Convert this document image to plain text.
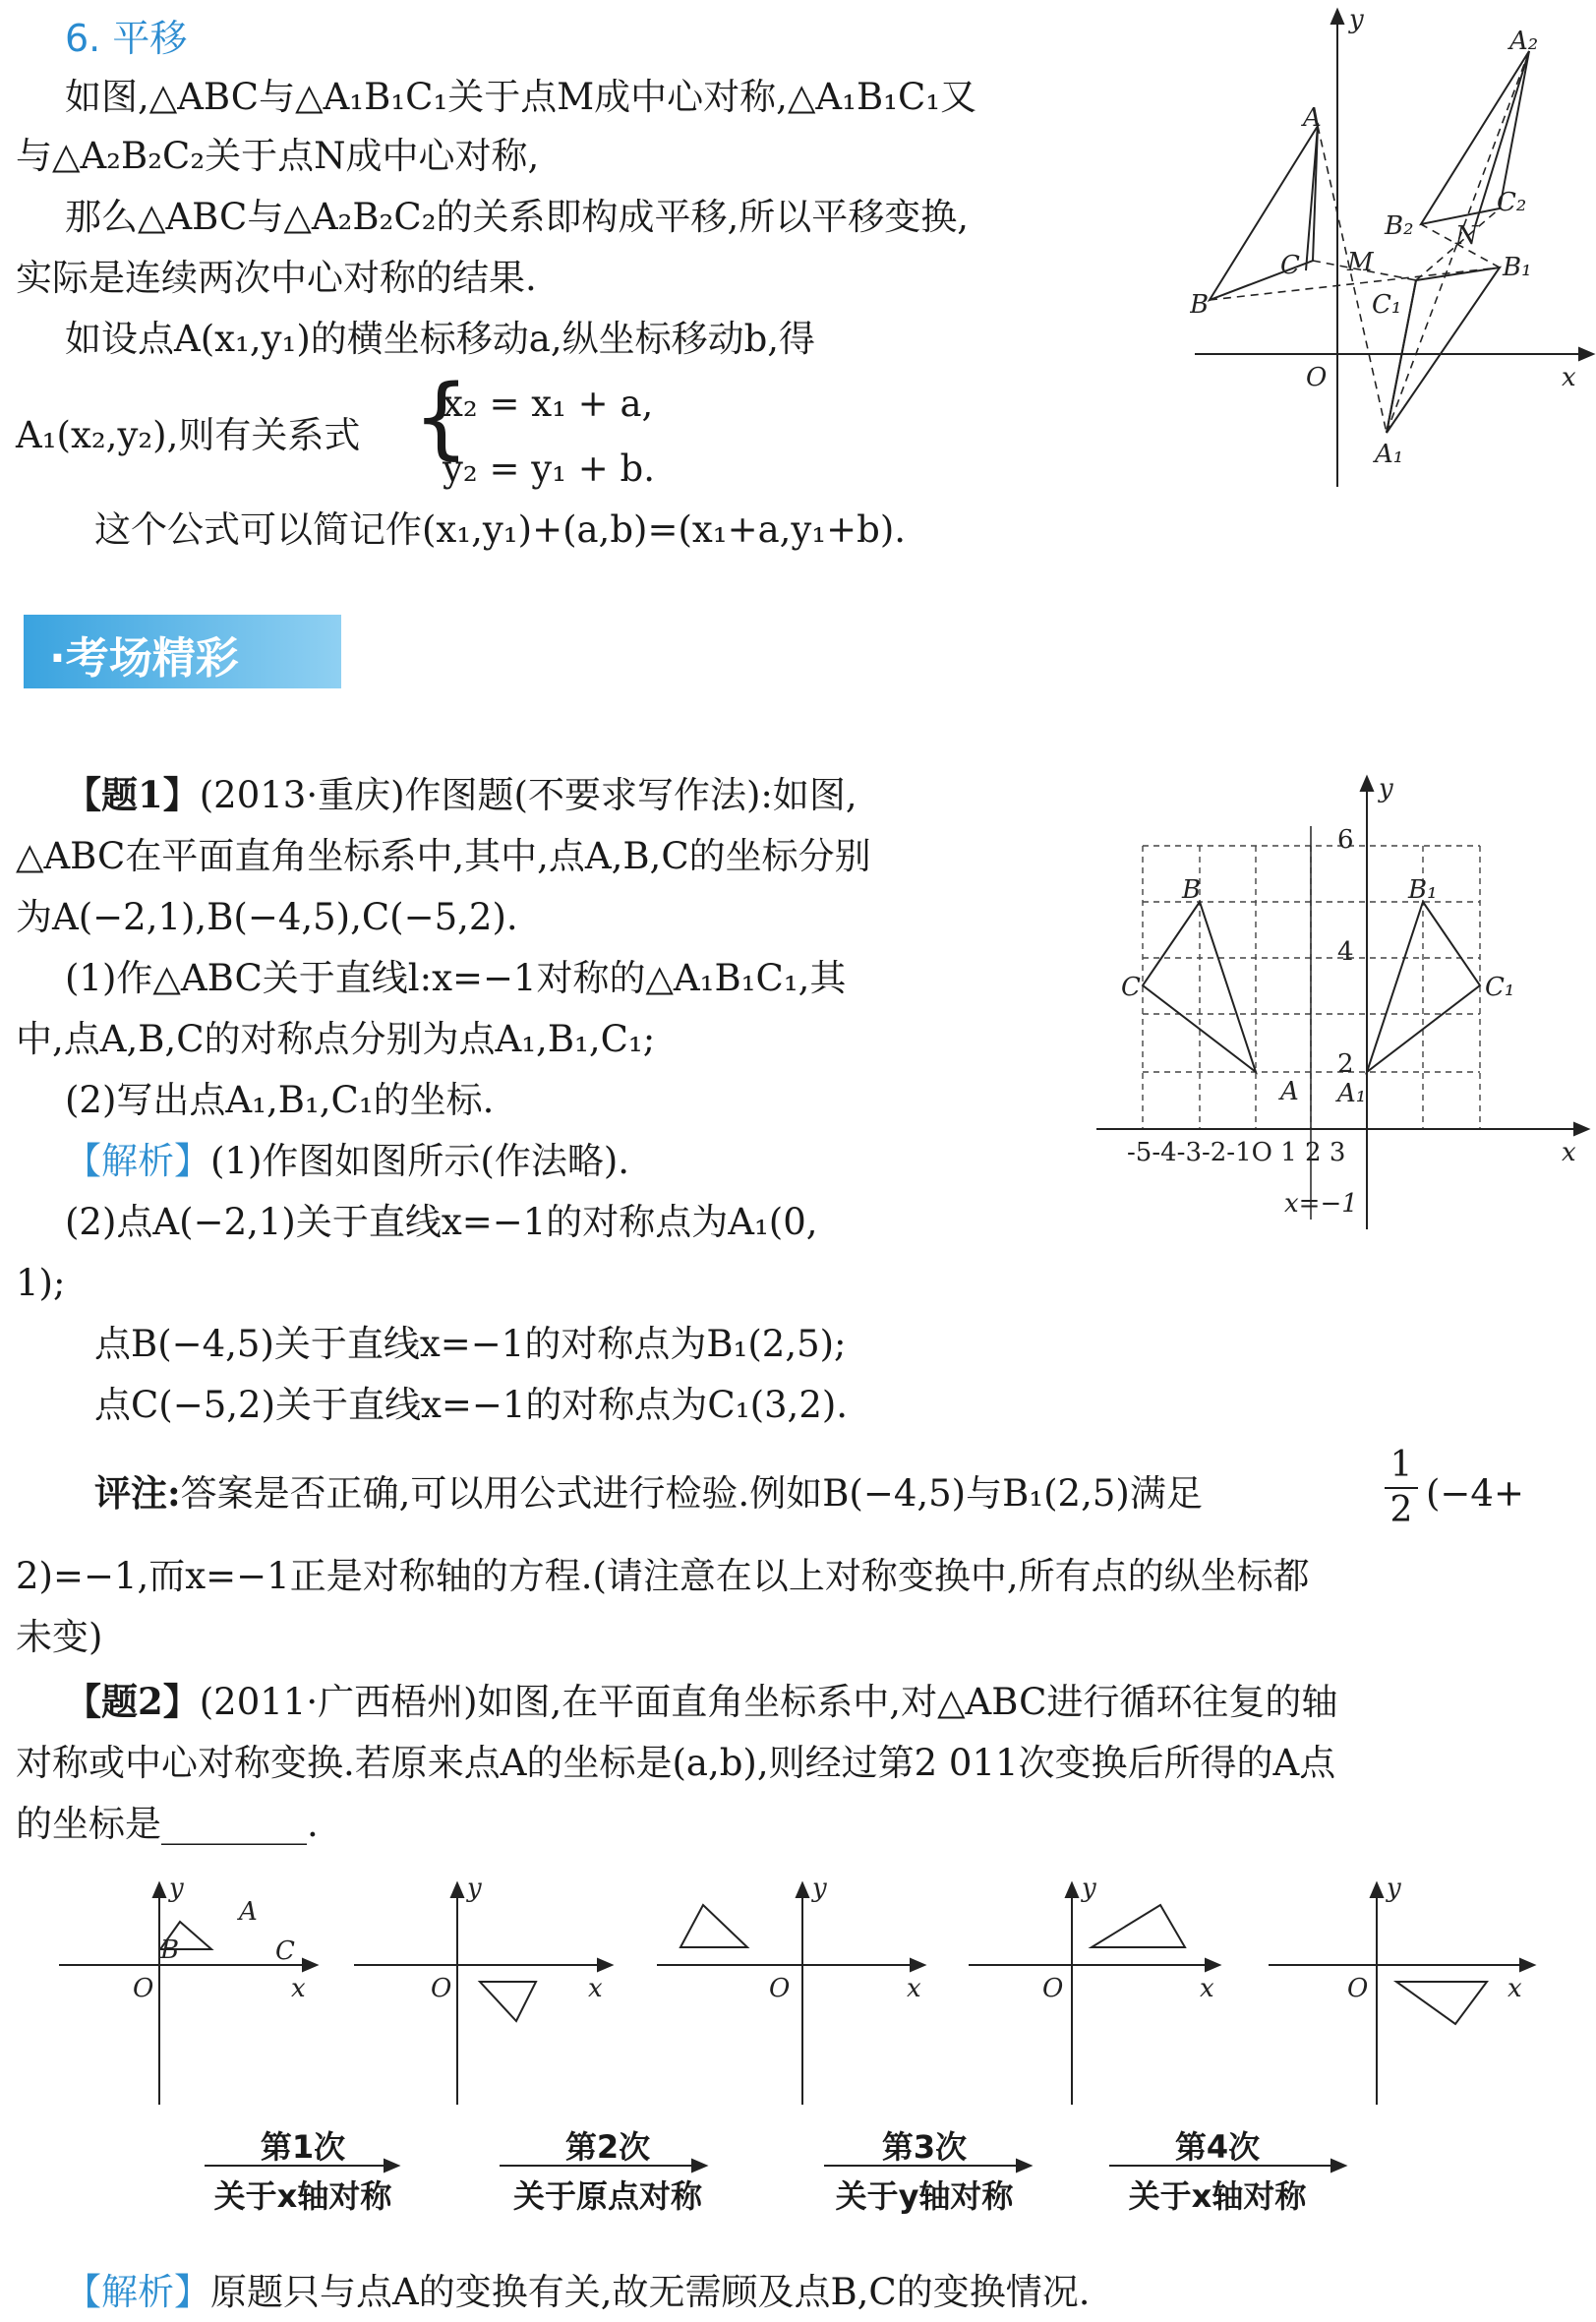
6. 平移
如图,△ABC与△A₁B₁C₁关于点M成中心对称,△A₁B₁C₁又
与△A₂B₂C₂关于点N成中心对称,
那么△ABC与△A₂B₂C₂的关系即构成平移,所以平移变换,
实际是连续两次中心对称的结果.
如设点A(x₁,y₁)的横坐标移动a,纵坐标移动b,得
A₁(x₂,y₂),则有关系式 {
x₂ = x₁ + a,
y₂ = y₁ + b.
这个公式可以简记作(x₁,y₁)+(a,b)=(x₁+a,y₁+b).
y
x
O
A
A₂
B₂
C₂
N
M
C
B
B₁
C₁
A₁
·考场精彩
【题1】(2013·重庆)作图题(不要求写作法):如图,
△ABC在平面直角坐标系中,其中,点A,B,C的坐标分别
为A(−2,1),B(−4,5),C(−5,2).
(1)作△ABC关于直线l:x=−1对称的△A₁B₁C₁,其
中,点A,B,C的对称点分别为点A₁,B₁,C₁;
(2)写出点A₁,B₁,C₁的坐标.
【解析】(1)作图如图所示(作法略).
(2)点A(−2,1)关于直线x=−1的对称点为A₁(0,
1);
点B(−4,5)关于直线x=−1的对称点为B₁(2,5);
点C(−5,2)关于直线x=−1的对称点为C₁(3,2).
评注:答案是否正确,可以用公式进行检验.例如B(−4,5)与B₁(2,5)满足	$\frac{1}{2} (-4+$
2)=−1,而x=−1正是对称轴的方程.(请注意在以上对称变换中,所有点的纵坐标都
未变)
y
x
6
4
2
-5-4-3-2-1O 1 2 3
x=−1
B	B₁
C	C₁
A A₁
【题2】(2011·广西梧州)如图,在平面直角坐标系中,对△ABC进行循环往复的轴
对称或中心对称变换.若原来点A的坐标是(a,b),则经过第2 011次变换后所得的A点
的坐标是________.
y
x
O
A
B	C
y
x
O
y
x
O
y
x
O
y
x
O
第1次
关于x轴对称
第2次
关于原点对称
第3次
关于y轴对称
第4次
关于x轴对称
【解析】原题只与点A的变换有关,故无需顾及点B,C的变换情况.
